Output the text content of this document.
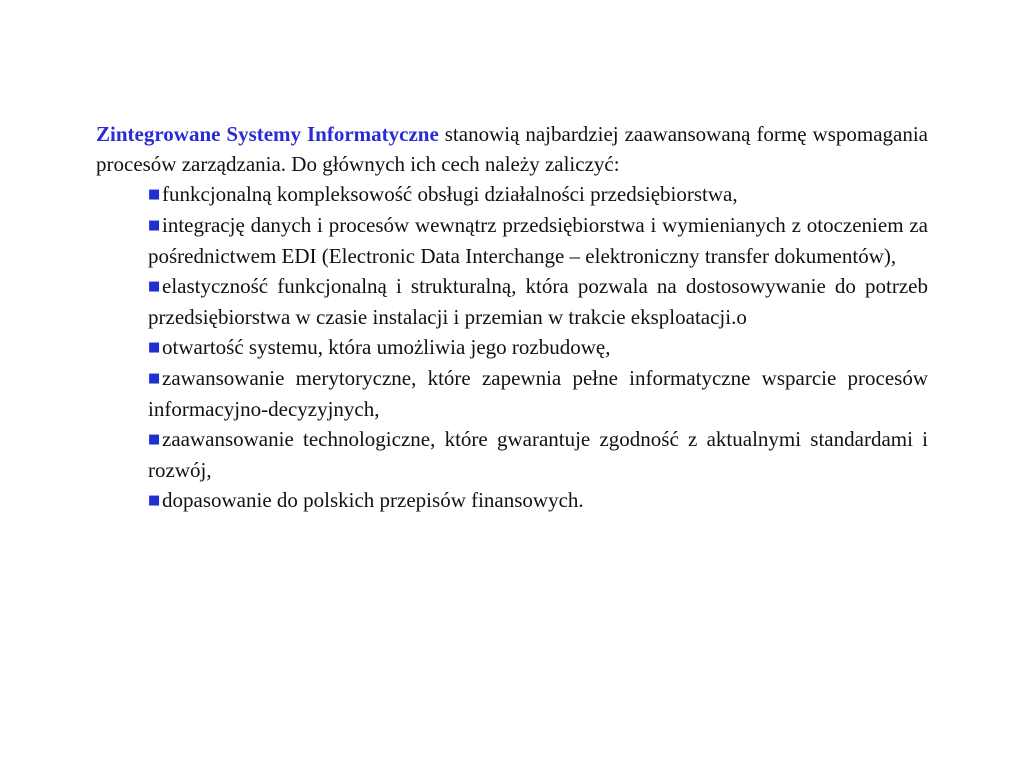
Zintegrowane Systemy Informatyczne stanowią najbardziej zaawansowaną formę wspomagania procesów zarządzania. Do głównych ich cech należy zaliczyć:

■funkcjonalną kompleksowość obsługi działalności przedsiębiorstwa,
■integrację danych i procesów wewnątrz przedsiębiorstwa i wymienianych z otoczeniem za pośrednictwem EDI (Electronic Data Interchange – elektroniczny transfer dokumentów),
■elastyczność funkcjonalną i strukturalną, która pozwala na dostosowywanie do potrzeb przedsiębiorstwa w czasie instalacji i przemian w trakcie eksploatacji.o
■otwartość systemu, która umożliwia jego rozbudowę,
■zawansowanie merytoryczne, które zapewnia pełne informatyczne wsparcie procesów informacyjno-decyzyjnych,
■zaawansowanie technologiczne, które gwarantuje zgodność z aktualnymi standardami i rozwój,
■dopasowanie do polskich przepisów finansowych.
